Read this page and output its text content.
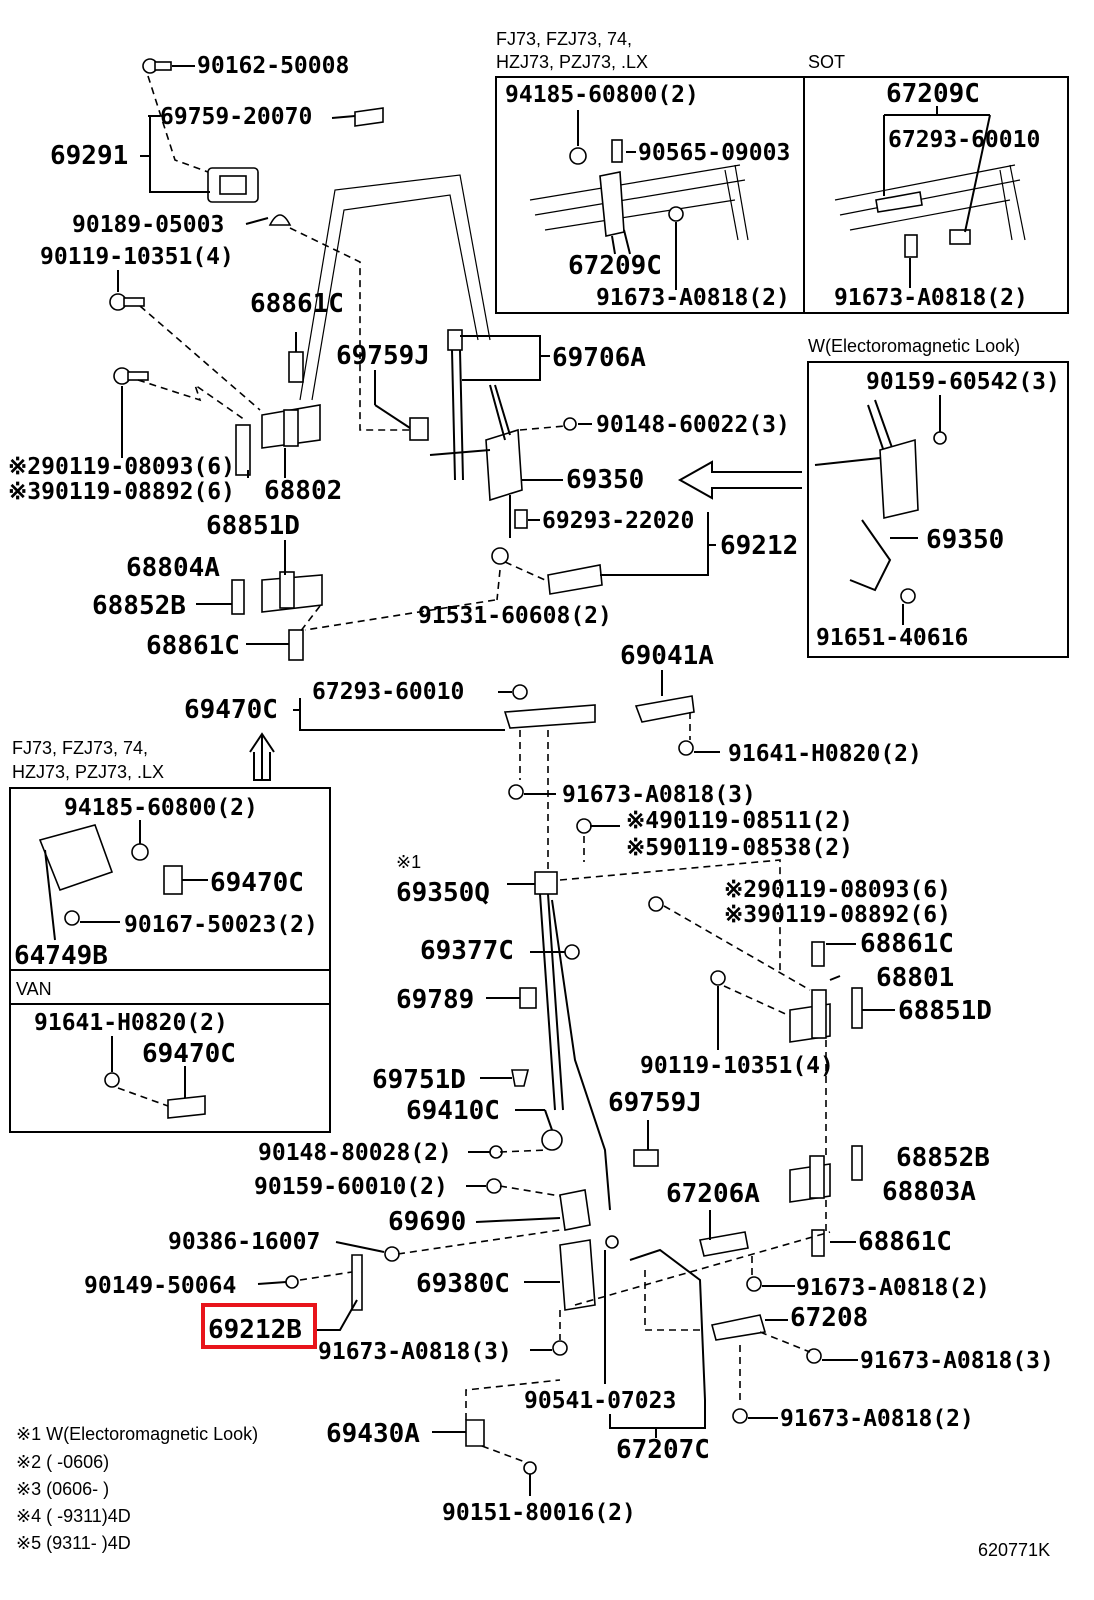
FJ73, FZJ73, 74,
HZJ73, PZJ73, .LX	SOT
W(Electoromagnetic Look)
FJ73, FZJ73, 74,
HZJ73, PZJ73, .LX
VAN
90162-50008
69759-20070
69291
90189-05003
90119-10351(4)
68861C
69759J	69706A
90148-60022(3)
※290119-08093(6)
※390119-08892(6) 68802	69350
68851D	69293-22020
69212
68804A
68852B	91531-60608(2)
68861C
94185-60800(2)
90565-09003
67209C
91673-A0818(2)
67209C
67293-60010
91673-A0818(2)
90159-60542(3)
69350
91651-40616
69041A
67293-60010
69470C
91641-H0820(2)
91673-A0818(3)
※490119-08511(2)
※590119-08538(2)
※1
69350Q	※290119-08093(6)
※390119-08892(6)
68861C
69377C
68801
69789	68851D
90119-10351(4)
69751D
69410C	69759J
94185-60800(2)
69470C
90167-50023(2)
64749B
91641-H0820(2)
69470C
90148-80028(2)	68852B
90159-60010(2)	68803A
67206A
69690
90386-16007	68861C
90149-50064	69380C	91673-A0818(2)
69212B	67208
91673-A0818(3)	91673-A0818(3)
90541-07023
69430A	91673-A0818(2)
67207C
90151-80016(2)
※1 W(Electoromagnetic Look)
※2 ( -0606)
※3 (0606- )
※4 ( -9311)4D
※5 (9311- )4D	620771K
